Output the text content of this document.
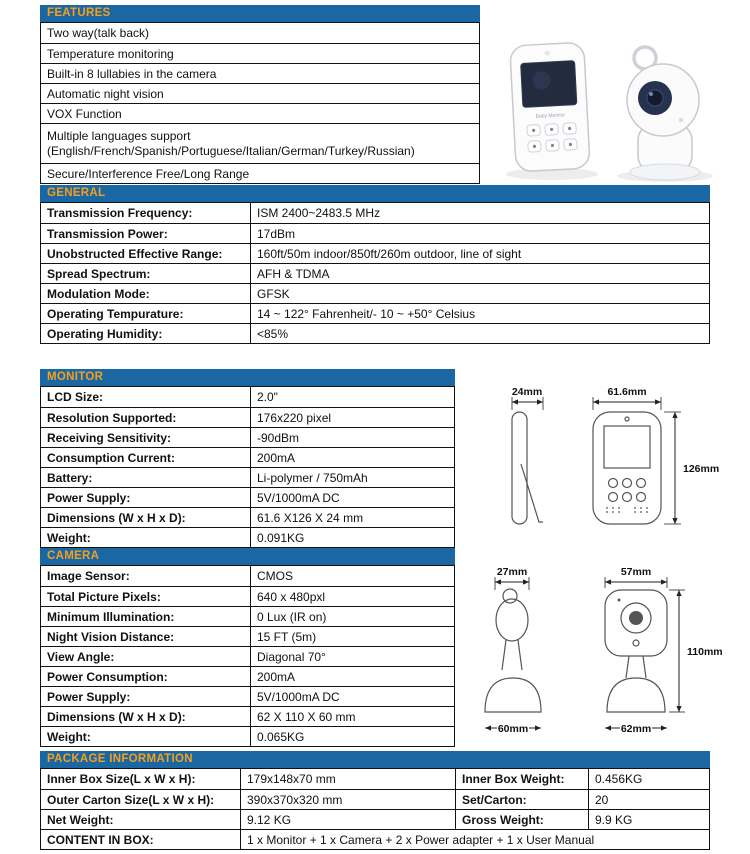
FEATURES
Two way(talk back)
Temperature monitoring
Built-in 8 lullabies in the camera
Automatic night vision
VOX Function
Multiple languages support
(English/French/Spanish/Portuguese/Italian/German/Turkey/Russian)
Secure/Interference Free/Long Range
Baby Monitor
GENERAL
Transmission Frequency:	ISM 2400~2483.5 MHz
Transmission Power:	17dBm
Unobstructed Effective Range:	160ft/50m indoor/850ft/260m outdoor, line of sight
Spread Spectrum:	AFH & TDMA
Modulation Mode:	GFSK
Operating Tempurature:	14 ~ 122° Fahrenheit/- 10 ~ +50° Celsius
Operating Humidity:	<85%
MONITOR
LCD Size:	2.0"
Resolution Supported:	176x220 pixel
Receiving Sensitivity:	-90dBm
Consumption Current:	200mA
Battery:	Li-polymer / 750mAh
Power Supply:	5V/1000mA DC
Dimensions (W x H x D):	61.6 X126 X 24 mm
Weight:	0.091KG
24mm	61.6mm
126mm
CAMERA
Image Sensor:	CMOS
Total Picture Pixels:	640 x 480pxl
Minimum Illumination:	0 Lux (IR on)
Night Vision Distance:	15 FT (5m)
View Angle:	Diagonal 70°
Power Consumption:	200mA
Power Supply:	5V/1000mA DC
Dimensions (W x H x D):	62 X 110 X 60 mm
Weight:	0.065KG
27mm
60mm
57mm
62mm
110mm
PACKAGE INFORMATION
Inner Box Size(L x W x H):	179x148x70 mm	Inner Box Weight:	0.456KG
Outer Carton Size(L x W x H):	390x370x320 mm	Set/Carton:	20
Net Weight:	9.12 KG	Gross Weight:	9.9 KG
CONTENT IN BOX:	1 x Monitor + 1 x Camera + 2 x Power adapter + 1 x User Manual
